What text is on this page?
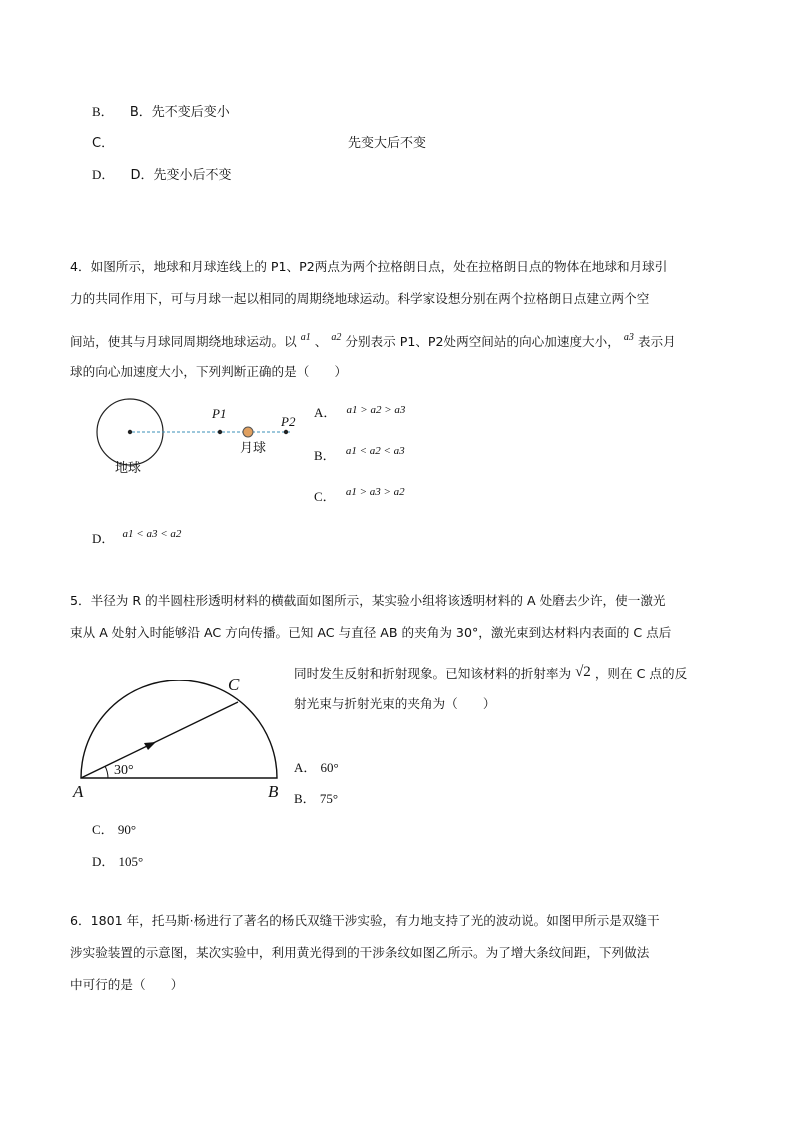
B． B．先不变后变小
C．	先变大后不变
D． D．先变小后不变
4．如图所示，地球和月球连线上的 P1、P2两点为两个拉格朗日点，处在拉格朗日点的物体在地球和月球引
力的共同作用下，可与月球一起以相同的周期绕地球运动。科学家设想分别在两个拉格朗日点建立两个空
间站，使其与月球同周期绕地球运动。以 $^{a1}$ 、 $^{a2}$ 分别表示 P1、P2处两空间站的向心加速度大小， $^{a3}$ 表示月
球的向心加速度大小，下列判断正确的是（　　）
P1
P2
地球
月球
A． $^{a1 > a2 > a3}$
B． $^{a1 < a2 < a3}$
C． $^{a1 > a3 > a2}$
D． $^{a1 < a3 < a2}$
5．半径为 R 的半圆柱形透明材料的横截面如图所示，某实验小组将该透明材料的 A 处磨去少许，使一激光
束从 A 处射入时能够沿 AC 方向传播。已知 AC 与直径 AB 的夹角为 30°，激光束到达材料内表面的 C 点后
同时发生反射和折射现象。已知该材料的折射率为 √2 ，则在 C 点的反
射光束与折射光束的夹角为（　　）
30°
A	B
C
A． 60°
B． 75°
C． 90°
D． 105°
6．1801 年，托马斯·杨进行了著名的杨氏双缝干涉实验，有力地支持了光的波动说。如图甲所示是双缝干
涉实验装置的示意图，某次实验中，利用黄光得到的干涉条纹如图乙所示。为了增大条纹间距，下列做法
中可行的是（　　）
